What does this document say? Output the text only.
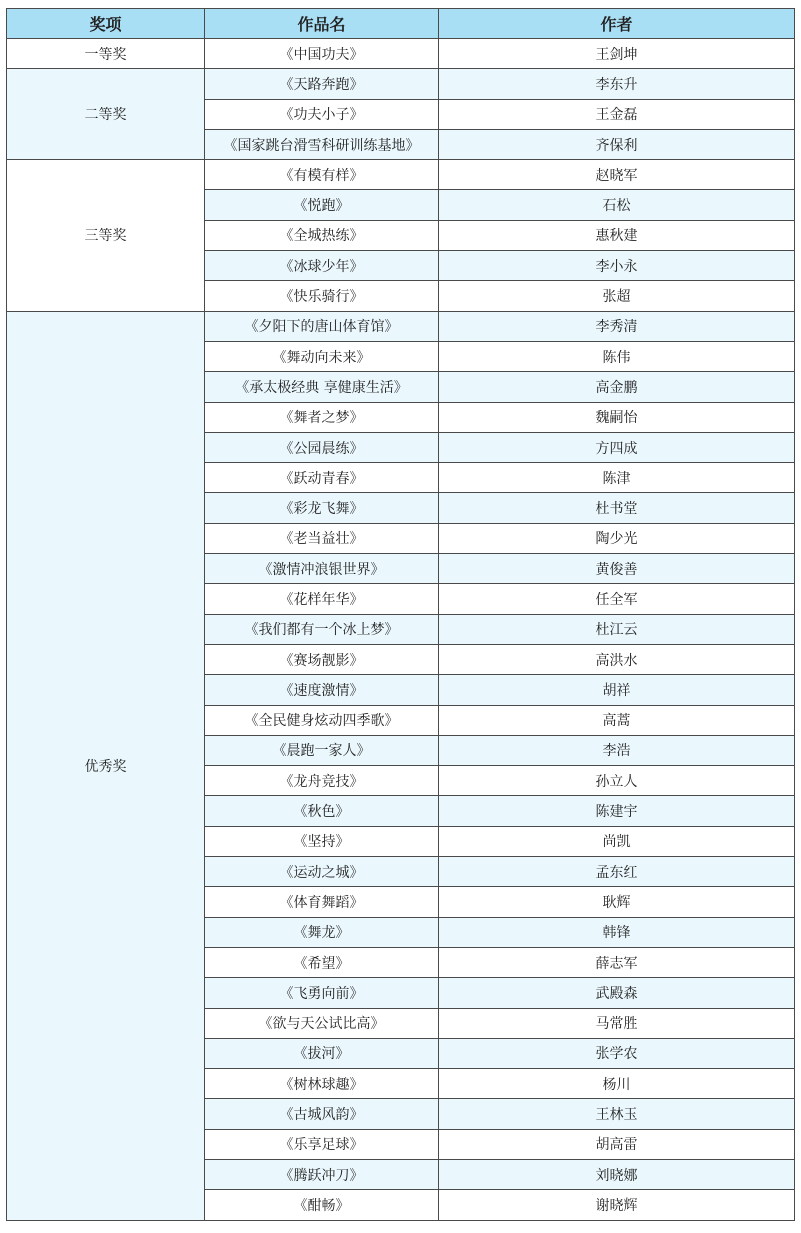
奖项	作品名	作者
一等奖	《中国功夫》	王剑坤
二等奖	《天路奔跑》	李东升
	《功夫小子》	王金磊
	《国家跳台滑雪科研训练基地》	齐保利
三等奖	《有模有样》	赵晓军
	《悦跑》	石松
	《全城热练》	惠秋建
	《冰球少年》	李小永
	《快乐骑行》	张超
优秀奖	《夕阳下的唐山体育馆》	李秀清
	《舞动向未来》	陈伟
	《承太极经典 享健康生活》	高金鹏
	《舞者之梦》	魏嗣怡
	《公园晨练》	方四成
	《跃动青春》	陈津
	《彩龙飞舞》	杜书堂
	《老当益壮》	陶少光
	《激情冲浪银世界》	黄俊善
	《花样年华》	任全军
	《我们都有一个冰上梦》	杜江云
	《赛场靓影》	高洪水
	《速度激情》	胡祥
	《全民健身炫动四季歌》	高蒿
	《晨跑一家人》	李浩
	《龙舟竞技》	孙立人
	《秋色》	陈建宇
	《坚持》	尚凯
	《运动之城》	孟东红
	《体育舞蹈》	耿辉
	《舞龙》	韩锋
	《希望》	薛志军
	《飞勇向前》	武殿森
	《欲与天公试比高》	马常胜
	《拔河》	张学农
	《树林球趣》	杨川
	《古城风韵》	王林玉
	《乐享足球》	胡高雷
	《腾跃冲刀》	刘晓娜
	《酣畅》	谢晓辉
